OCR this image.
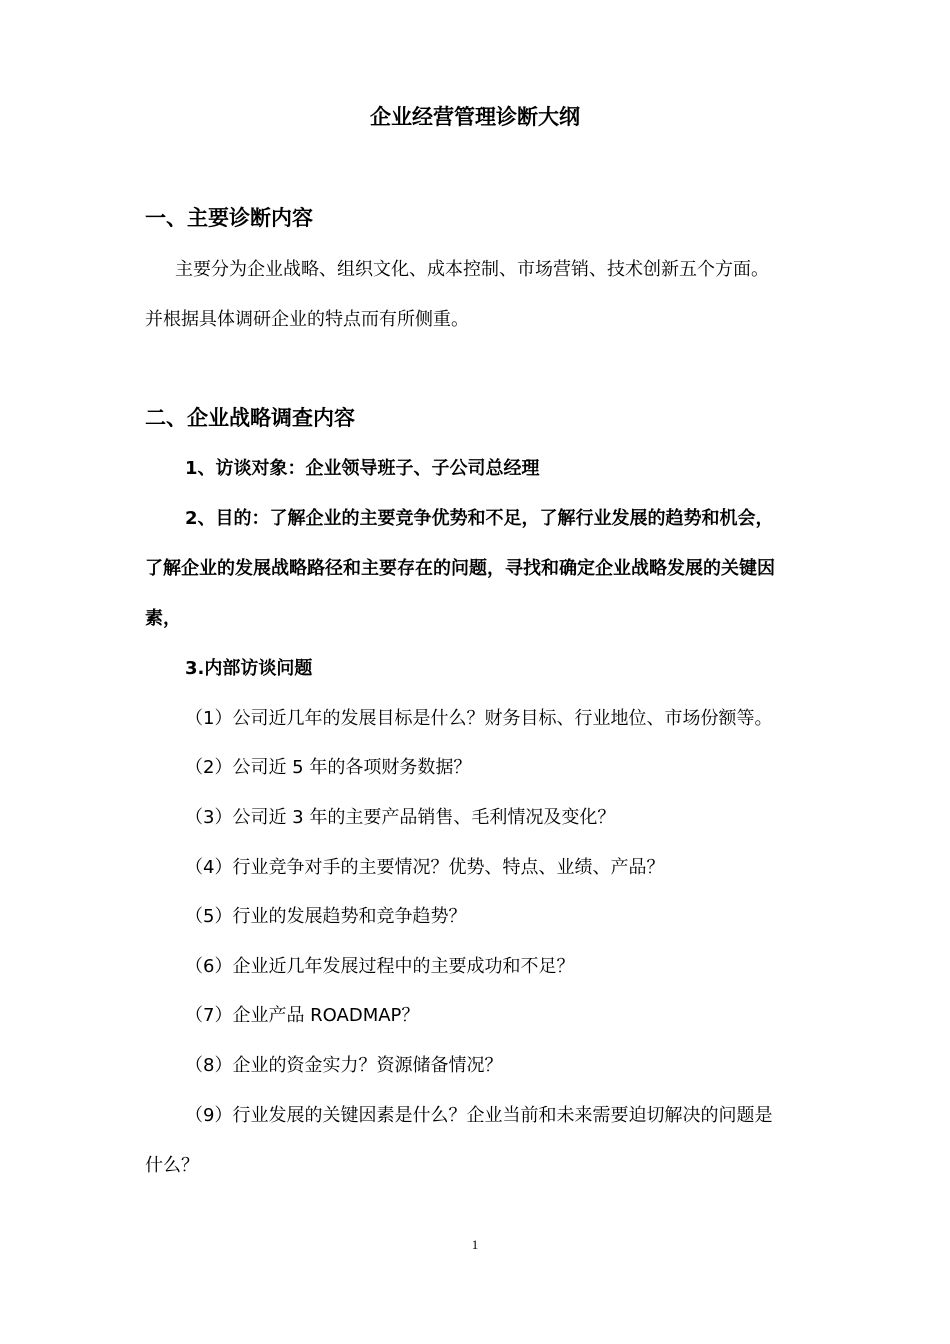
企业经营管理诊断大纲
一、主要诊断内容
主要分为企业战略、组织文化、成本控制、市场营销、技术创新五个方面。
并根据具体调研企业的特点而有所侧重。
二、企业战略调查内容
1、访谈对象：企业领导班子、子公司总经理
2、目的：了解企业的主要竞争优势和不足，了解行业发展的趋势和机会，
了解企业的发展战略路径和主要存在的问题，寻找和确定企业战略发展的关键因
素，
3.内部访谈问题
（1）公司近几年的发展目标是什么？财务目标、行业地位、市场份额等。
（2）公司近 5 年的各项财务数据？
（3）公司近 3 年的主要产品销售、毛利情况及变化？
（4）行业竞争对手的主要情况？优势、特点、业绩、产品？
（5）行业的发展趋势和竞争趋势？
（6）企业近几年发展过程中的主要成功和不足？
（7）企业产品 ROADMAP？
（8）企业的资金实力？资源储备情况？
（9）行业发展的关键因素是什么？企业当前和未来需要迫切解决的问题是
什么？
1
